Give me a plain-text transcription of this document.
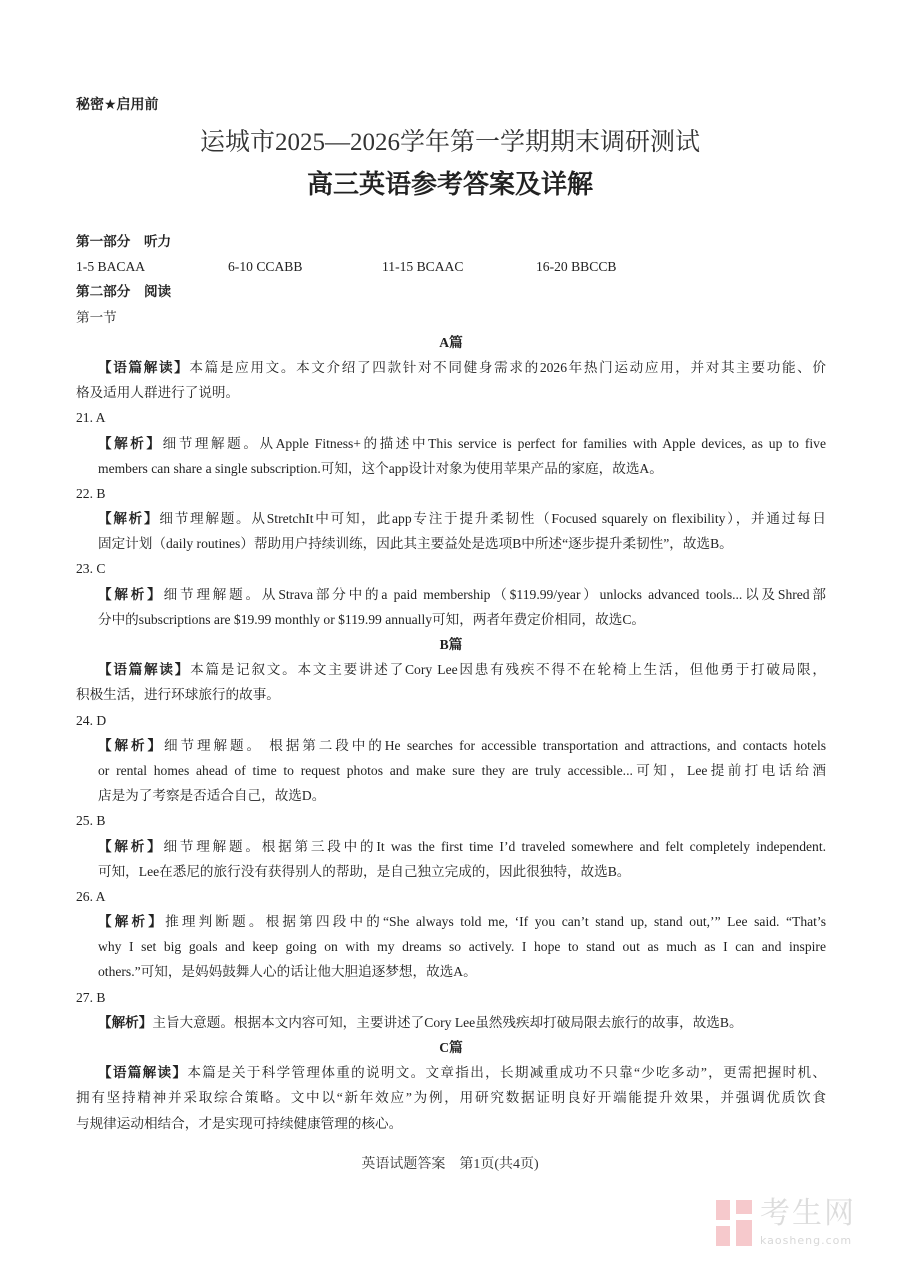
秘密★启用前
运城市2025—2026学年第一学期期末调研测试
高三英语参考答案及详解
第一部分　听力
1-5 BACAA	6-10 CCABB	11-15 BCAAC	16-20 BBCCB
第二部分　阅读
第一节
A篇
【语篇解读】本篇是应用文。本文介绍了四款针对不同健身需求的2026年热门运动应用，并对其主要功能、价
格及适用人群进行了说明。
21. A
【解析】细节理解题。从Apple Fitness+的描述中This service is perfect for families with Apple devices, as up to five
members can share a single subscription.可知，这个app设计对象为使用苹果产品的家庭，故选A。
22. B
【解析】细节理解题。从StretchIt中可知，此app专注于提升柔韧性（Focused squarely on flexibility），并通过每日
固定计划（daily routines）帮助用户持续训练，因此其主要益处是选项B中所述“逐步提升柔韧性”，故选B。
23. C
【解析】细节理解题。从Strava部分中的a paid membership（$119.99/year）unlocks advanced tools...以及Shred部
分中的subscriptions are $19.99 monthly or $119.99 annually可知，两者年费定价相同，故选C。
B篇
【语篇解读】本篇是记叙文。本文主要讲述了Cory Lee因患有残疾不得不在轮椅上生活，但他勇于打破局限，
积极生活，进行环球旅行的故事。
24. D
【解析】细节理解题。 根据第二段中的He searches for accessible transportation and attractions, and contacts hotels
or rental homes ahead of time to request photos and make sure they are truly accessible...可知，Lee提前打电话给酒
店是为了考察是否适合自己，故选D。
25. B
【解析】细节理解题。根据第三段中的It was the first time I’d traveled somewhere and felt completely independent.
可知，Lee在悉尼的旅行没有获得别人的帮助，是自己独立完成的，因此很独特，故选B。
26. A
【解析】推理判断题。根据第四段中的“She always told me, ‘If you can’t stand up, stand out,’” Lee said. “That’s
why I set big goals and keep going on with my dreams so actively. I hope to stand out as much as I can and inspire
others.”可知，是妈妈鼓舞人心的话让他大胆追逐梦想，故选A。
27. B
【解析】主旨大意题。根据本文内容可知，主要讲述了Cory Lee虽然残疾却打破局限去旅行的故事，故选B。
C篇
【语篇解读】本篇是关于科学管理体重的说明文。文章指出，长期减重成功不只靠“少吃多动”，更需把握时机、
拥有坚持精神并采取综合策略。文中以“新年效应”为例，用研究数据证明良好开端能提升效果，并强调优质饮食
与规律运动相结合，才是实现可持续健康管理的核心。
英语试题答案　第1页(共4页)
考生网
kaosheng.com
